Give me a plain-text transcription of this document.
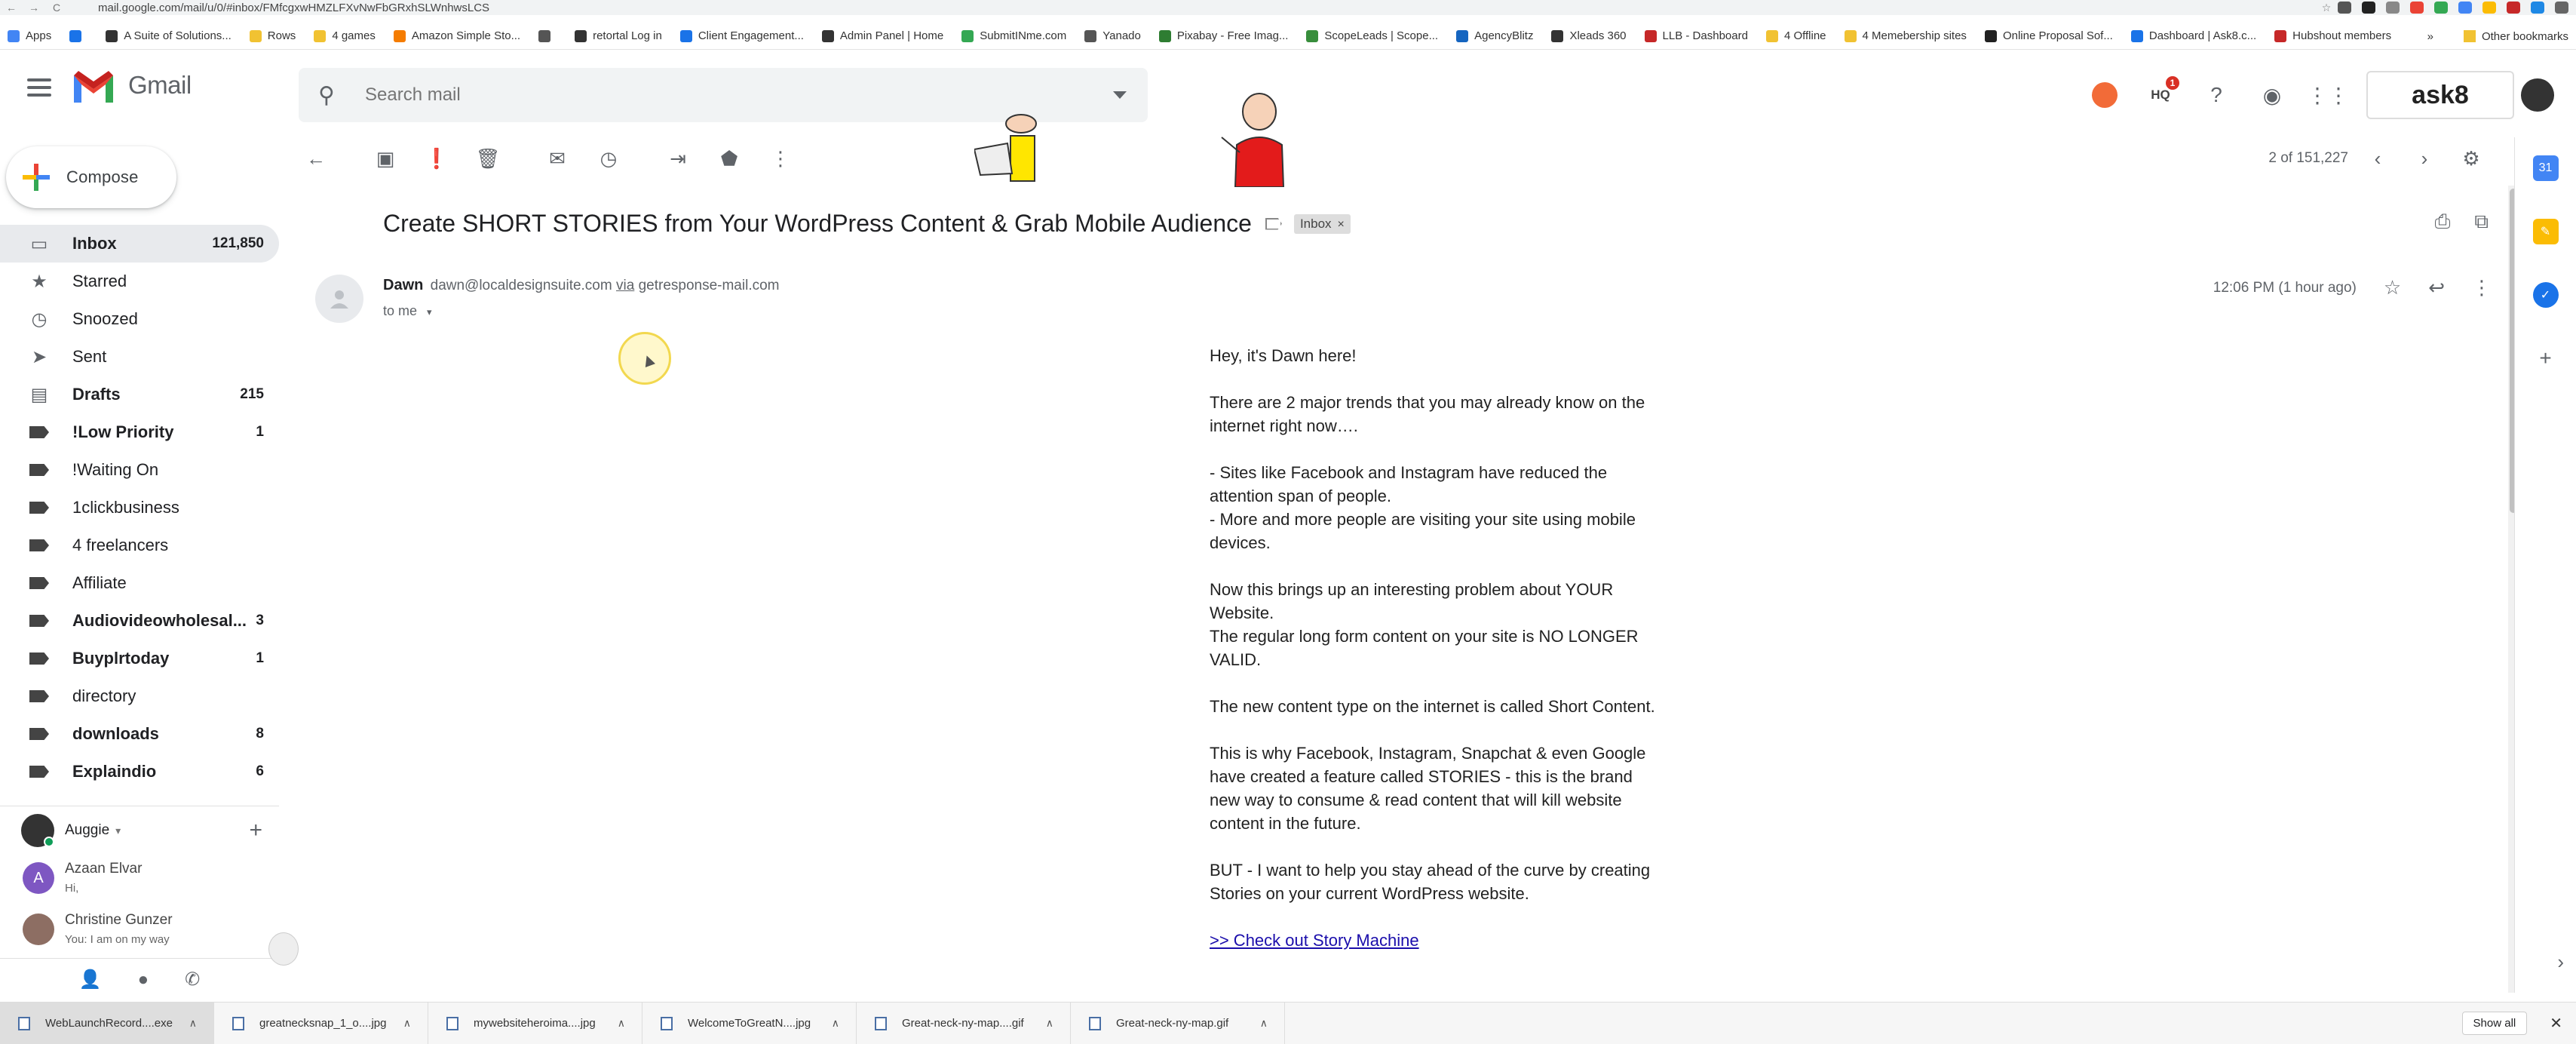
←	→	C	mail.google.com/mail/u/0/#inbox/FMfcgxwHMZLFXvNwFbGRxhSLWnhwsLCS	☆
Apps	A Suite of Solutions...	Rows	4 games	Amazon Simple Sto...	retortal Log in	Client Engagement...	Admin Panel | Home	SubmitINme.com	Yanado	Pixabay - Free Imag...	ScopeLeads | Scope...	AgencyBlitz	Xleads 360	LLB - Dashboard	4 Offline	4 Memebership sites	Online Proposal Sof...	Dashboard | Ask8.c...	Hubshout members	»	Other bookmarks
Gmail	⚲
Search mail	HQ
1	?	◉	⋮⋮	ask8
Compose
▭ Inbox	121,850
★ Starred
◷ Snoozed
➤ Sent
▤ Drafts	215
!Low Priority	1
!Waiting On
1clickbusiness
4 freelancers
Affiliate
Audiovideowholesal... 3
Buyplrtoday	1
directory
downloads	8
Explaindio	6
Auggie ▾	+
A
Azaan Elvar
Hi,
Christine Gunzer
You: I am on my way
👤 ● ✆
←	▣	❗ 🗑	✉	◷	⇥	⬟	⋮	2 of 151,227	‹	›	⚙
Create SHORT STORIES from Your WordPress Content & Grab Mobile Audience	Inbox ×	⎙ ⧉
Dawn dawn@localdesignsuite.com via getresponse-mail.com
to me ▾
12:06 PM (1 hour ago) ☆ ↩ ⋮

Hey, it's Dawn here!

There are 2 major trends that you may already know on the internet right now….

- Sites like Facebook and Instagram have reduced the attention span of people.
- More and more people are visiting your site using mobile devices.

Now this brings up an interesting problem about YOUR Website.
The regular long form content on your site is NO LONGER VALID.

The new content type on the internet is called Short Content.

This is why Facebook, Instagram, Snapchat & even Google have created a feature called STORIES - this is the brand new way to consume & read content that will kill website content in the future.

BUT - I want to help you stay ahead of the curve by creating Stories on your current WordPress website.

>> Check out Story Machine
31
✎
✓
+
›
WebLaunchRecord....exe ∧	greatnecksnap_1_o....jpg ∧	mywebsiteheroima....jpg ∧	WelcomeToGreatN....jpg ∧	Great-neck-ny-map....gif ∧	Great-neck-ny-map.gif	∧	Show all	✕
